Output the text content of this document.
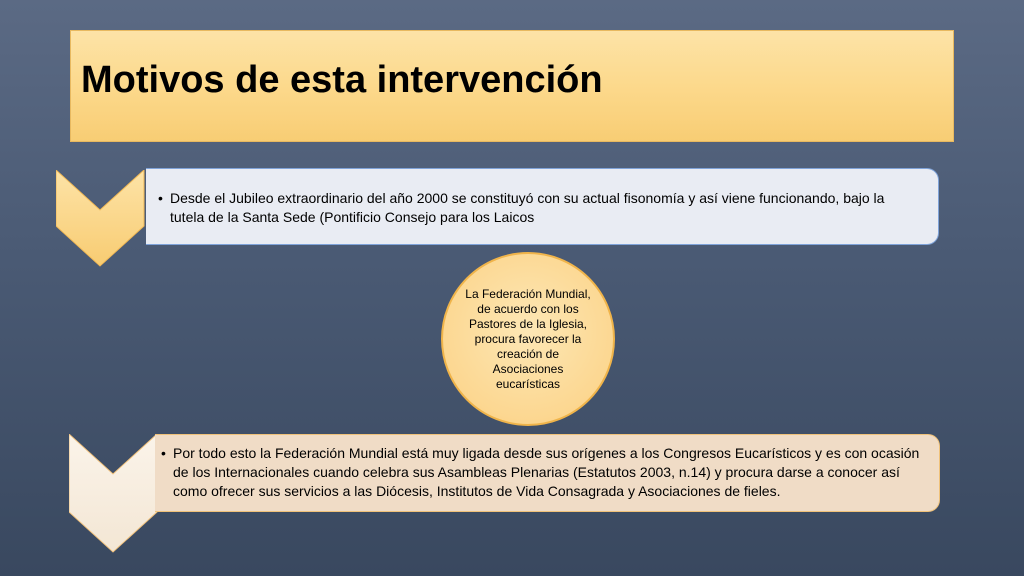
Motivos de esta intervención
• Desde el Jubileo extraordinario del año 2000 se constituyó con su actual fisonomía y así viene funcionando, bajo la tutela de la Santa Sede (Pontificio Consejo para los Laicos
La Federación Mundial, de acuerdo con los Pastores de la Iglesia, procura favorecer la creación de Asociaciones eucarísticas
• Por todo esto la Federación Mundial está muy ligada desde sus orígenes a los Congresos Eucarísticos y es con ocasión de los Internacionales cuando celebra sus Asambleas Plenarias (Estatutos 2003, n.14) y procura darse a conocer así como ofrecer sus servicios a las Diócesis, Institutos de Vida Consagrada y Asociaciones de fieles.
